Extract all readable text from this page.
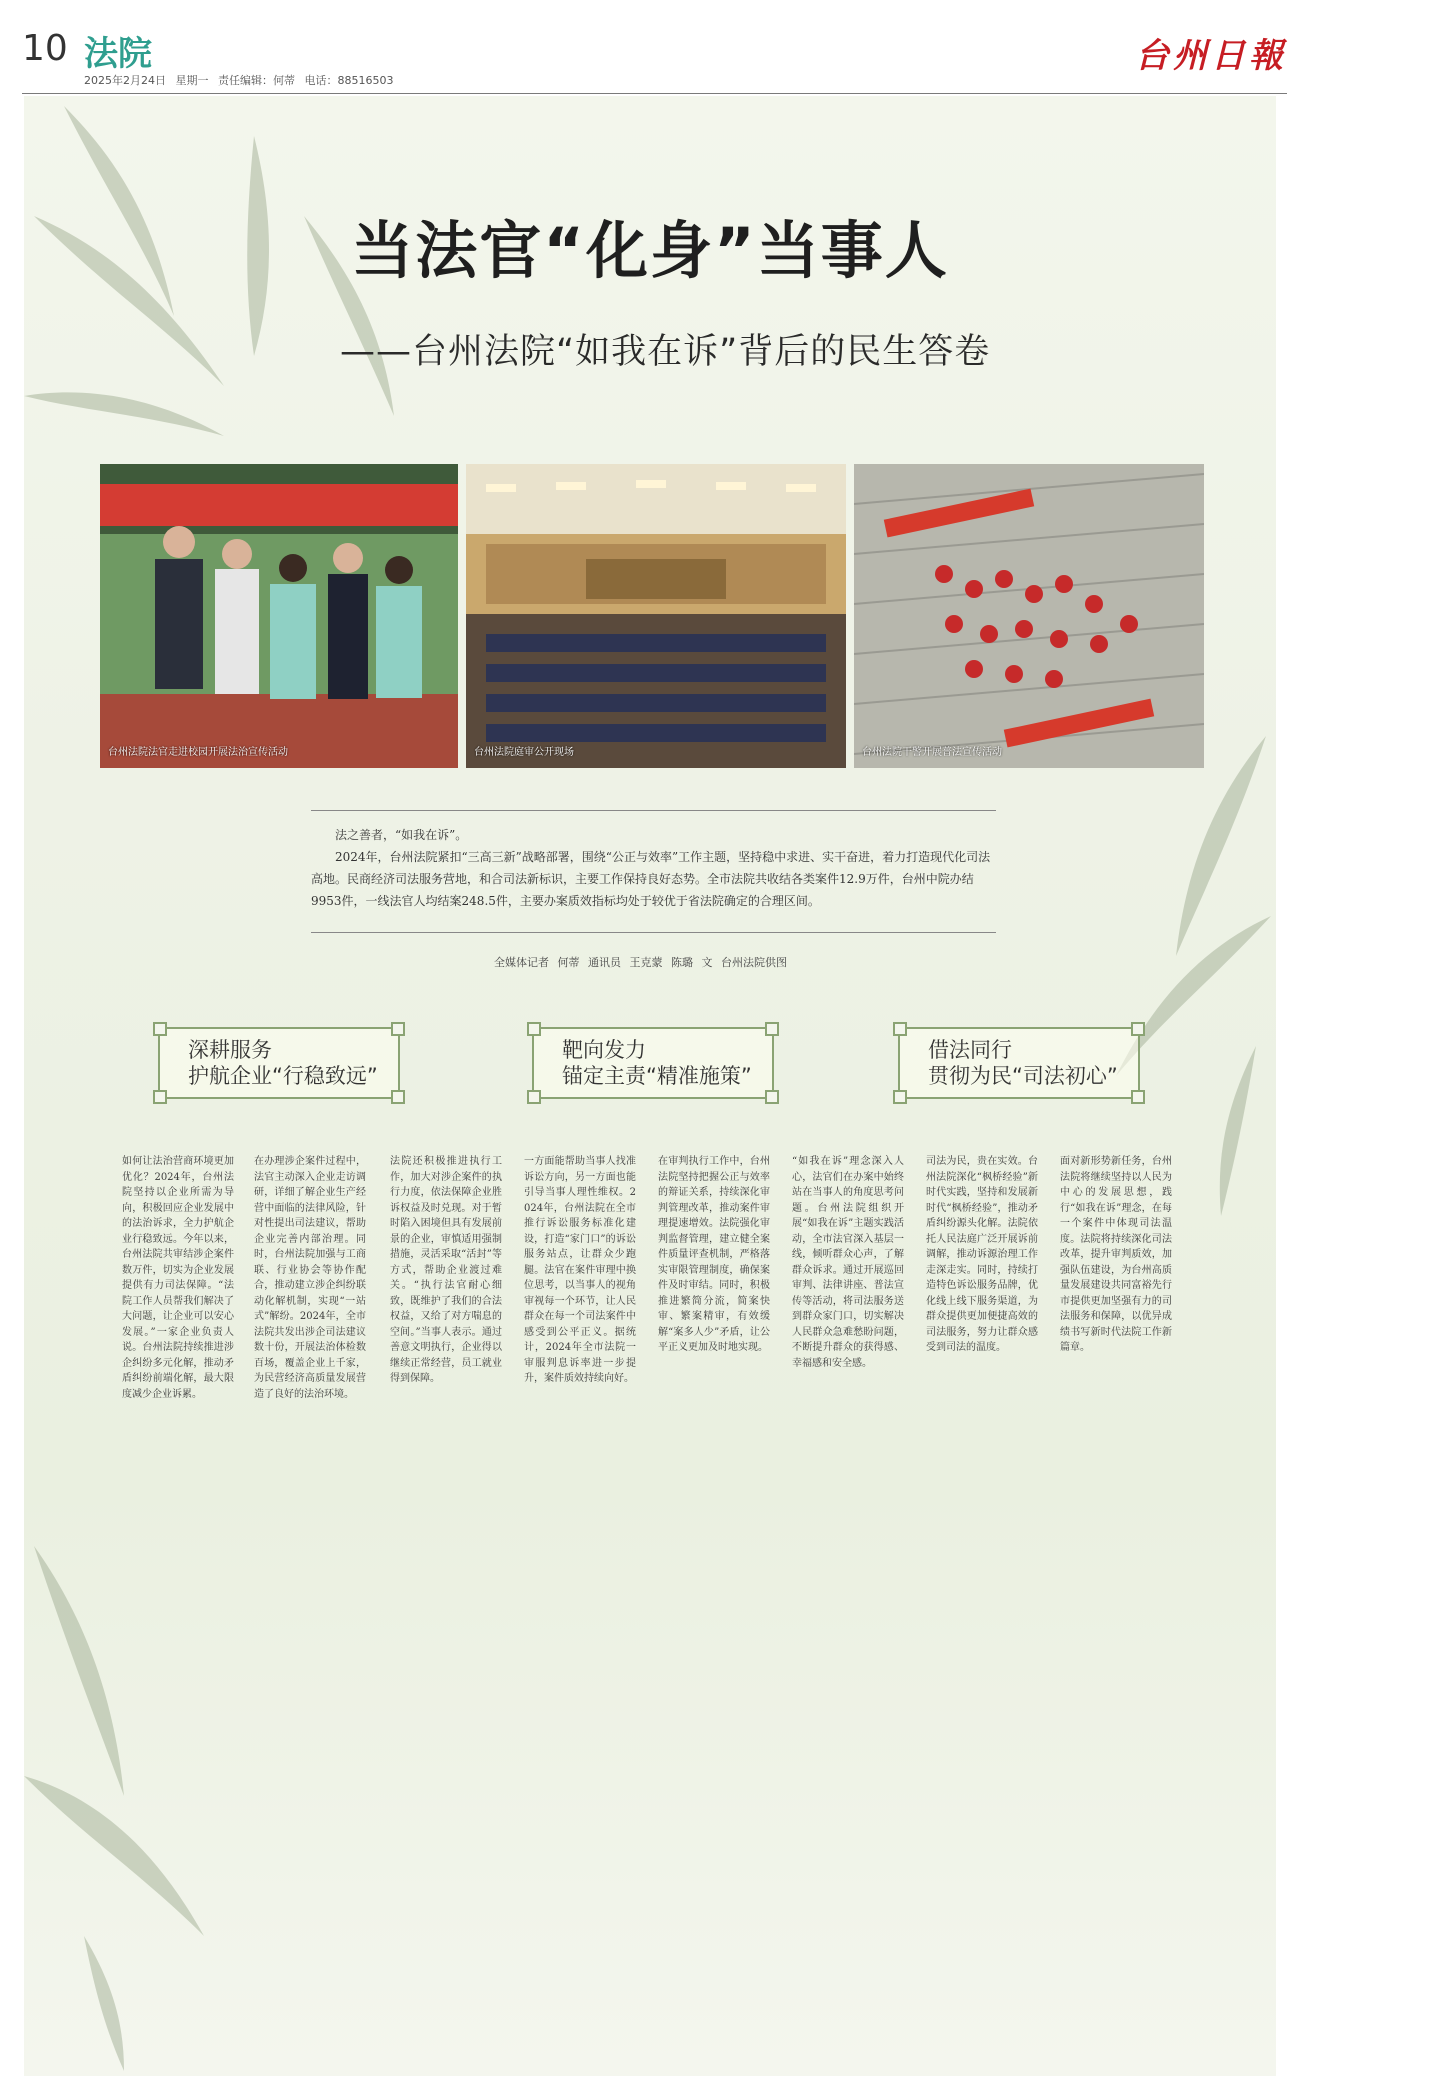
10 法院
2025年2月24日 星期一 责任编辑：何蒂 电话：88516503
台州日報
当法官“化身”当事人
——台州法院“如我在诉”背后的民生答卷
台州法院法官走进校园开展法治宣传活动	台州法院庭审公开现场	台州法院干警开展普法宣传活动

法之善者，“如我在诉”。

2024年，台州法院紧扣“三高三新”战略部署，围绕“公正与效率”工作主题，坚持稳中求进、实干奋进，着力打造现代化司法高地。民商经济司法服务营地，和合司法新标识，主要工作保持良好态势。全市法院共收结各类案件12.9万件，台州中院办结9953件，一线法官人均结案248.5件，主要办案质效指标均处于较优于省法院确定的合理区间。

全媒体记者 何蒂 通讯员 王克蒙 陈璐 文 台州法院供图
深耕服务
护航企业“行稳致远”
靶向发力
锚定主责“精准施策”
借法同行
贯彻为民“司法初心”
如何让法治营商环境更加优化？2024年，台州法院坚持以企业所需为导向，积极回应企业发展中的法治诉求，全力护航企业行稳致远。今年以来，台州法院共审结涉企案件数万件，切实为企业发展提供有力司法保障。“法院工作人员帮我们解决了大问题，让企业可以安心发展。”一家企业负责人说。台州法院持续推进涉企纠纷多元化解，推动矛盾纠纷前端化解，最大限度减少企业诉累。
在办理涉企案件过程中，法官主动深入企业走访调研，详细了解企业生产经营中面临的法律风险，针对性提出司法建议，帮助企业完善内部治理。同时，台州法院加强与工商联、行业协会等协作配合，推动建立涉企纠纷联动化解机制，实现“一站式”解纷。2024年，全市法院共发出涉企司法建议数十份，开展法治体检数百场，覆盖企业上千家，为民营经济高质量发展营造了良好的法治环境。
法院还积极推进执行工作，加大对涉企案件的执行力度，依法保障企业胜诉权益及时兑现。对于暂时陷入困境但具有发展前景的企业，审慎适用强制措施，灵活采取“活封”等方式，帮助企业渡过难关。“执行法官耐心细致，既维护了我们的合法权益，又给了对方喘息的空间。”当事人表示。通过善意文明执行，企业得以继续正常经营，员工就业得到保障。
一方面能帮助当事人找准诉讼方向，另一方面也能引导当事人理性维权。2024年，台州法院在全市推行诉讼服务标准化建设，打造“家门口”的诉讼服务站点，让群众少跑腿。法官在案件审理中换位思考，以当事人的视角审视每一个环节，让人民群众在每一个司法案件中感受到公平正义。据统计，2024年全市法院一审服判息诉率进一步提升，案件质效持续向好。
在审判执行工作中，台州法院坚持把握公正与效率的辩证关系，持续深化审判管理改革，推动案件审理提速增效。法院强化审判监督管理，建立健全案件质量评查机制，严格落实审限管理制度，确保案件及时审结。同时，积极推进繁简分流，简案快审、繁案精审，有效缓解“案多人少”矛盾，让公平正义更加及时地实现。
“如我在诉”理念深入人心，法官们在办案中始终站在当事人的角度思考问题。台州法院组织开展“如我在诉”主题实践活动，全市法官深入基层一线，倾听群众心声，了解群众诉求。通过开展巡回审判、法律讲座、普法宣传等活动，将司法服务送到群众家门口，切实解决人民群众急难愁盼问题，不断提升群众的获得感、幸福感和安全感。
司法为民，贵在实效。台州法院深化“枫桥经验”新时代实践，坚持和发展新时代“枫桥经验”，推动矛盾纠纷源头化解。法院依托人民法庭广泛开展诉前调解，推动诉源治理工作走深走实。同时，持续打造特色诉讼服务品牌，优化线上线下服务渠道，为群众提供更加便捷高效的司法服务，努力让群众感受到司法的温度。
面对新形势新任务，台州法院将继续坚持以人民为中心的发展思想，践行“如我在诉”理念，在每一个案件中体现司法温度。法院将持续深化司法改革，提升审判质效，加强队伍建设，为台州高质量发展建设共同富裕先行市提供更加坚强有力的司法服务和保障，以优异成绩书写新时代法院工作新篇章。
